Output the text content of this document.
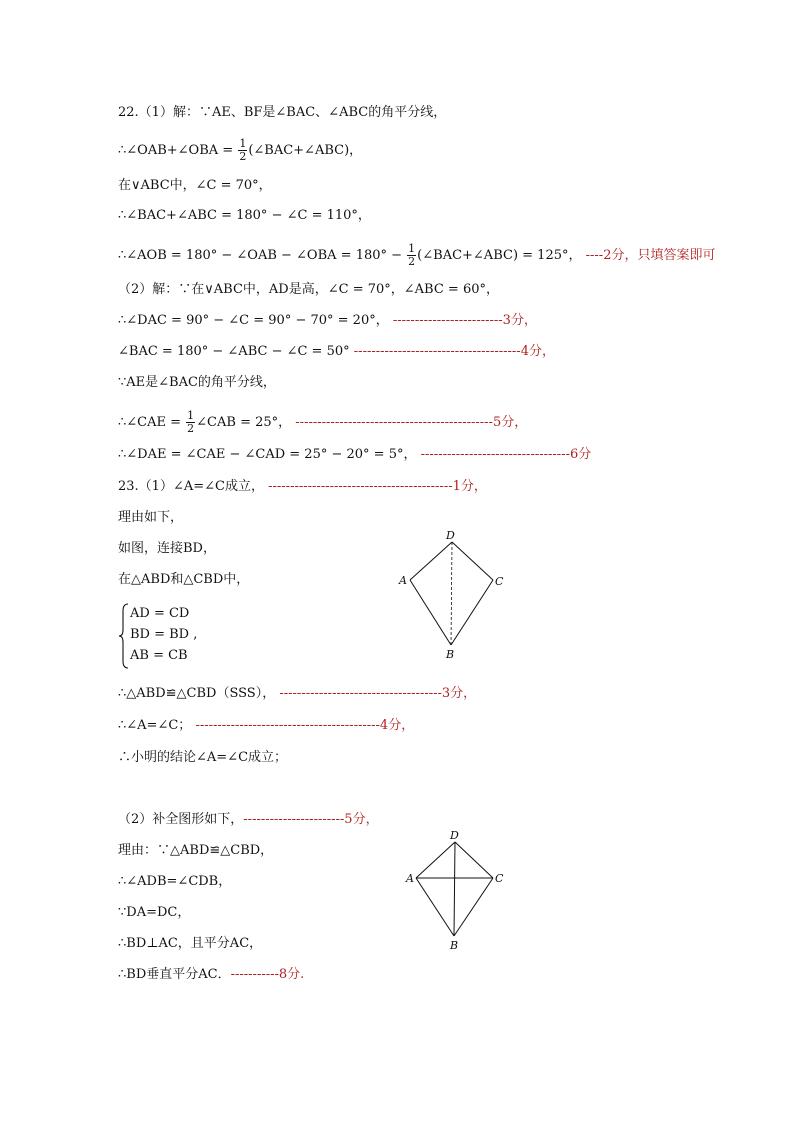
22.（1）解：∵AE、BF是∠BAC、∠ABC的角平分线，
∴∠OAB+∠OBA = $\frac{1}{2}$ (∠BAC+∠ABC)，
在∨ABC中，∠C = 70°，
∴∠BAC+∠ABC = 180° − ∠C = 110°，
∴∠AOB = 180° − ∠OAB − ∠OBA = $180^\circ - \frac{1}{2}$ (∠BAC+∠ABC) = 125°， ----2分，只填答案即可
（2）解：∵在∨ABC中，AD是高，∠C = 70°，∠ABC = 60°，
∴∠DAC = 90° − ∠C = 90° − 70° = 20°， -------------------------3分，
∠BAC = 180° − ∠ABC − ∠C = 50° --------------------------------------4分，
∵AE是∠BAC的角平分线，
∴∠CAE = $\frac{1}{2}$ ∠CAB = 25°， ---------------------------------------------5分，
∴∠DAE = ∠CAE − ∠CAD = 25° − 20° = 5°， ----------------------------------6分
23.（1）∠A=∠C成立， ------------------------------------------1分，
理由如下，
如图，连接BD，
在△ABD和△CBD中，
AD = CD
BD = BD ,
AB = CB
∴△ABD≌△CBD（SSS）， -------------------------------------3分，
∴∠A=∠C； ------------------------------------------4分，
∴小明的结论∠A=∠C成立；
（2）补全图形如下，-----------------------5分，
理由：∵△ABD≌△CBD，
∴∠ADB=∠CDB，
∵DA=DC，
∴BD⊥AC，且平分AC，
∴BD垂直平分AC．-----------8分.
D
A	C
B
D
A	C
B
